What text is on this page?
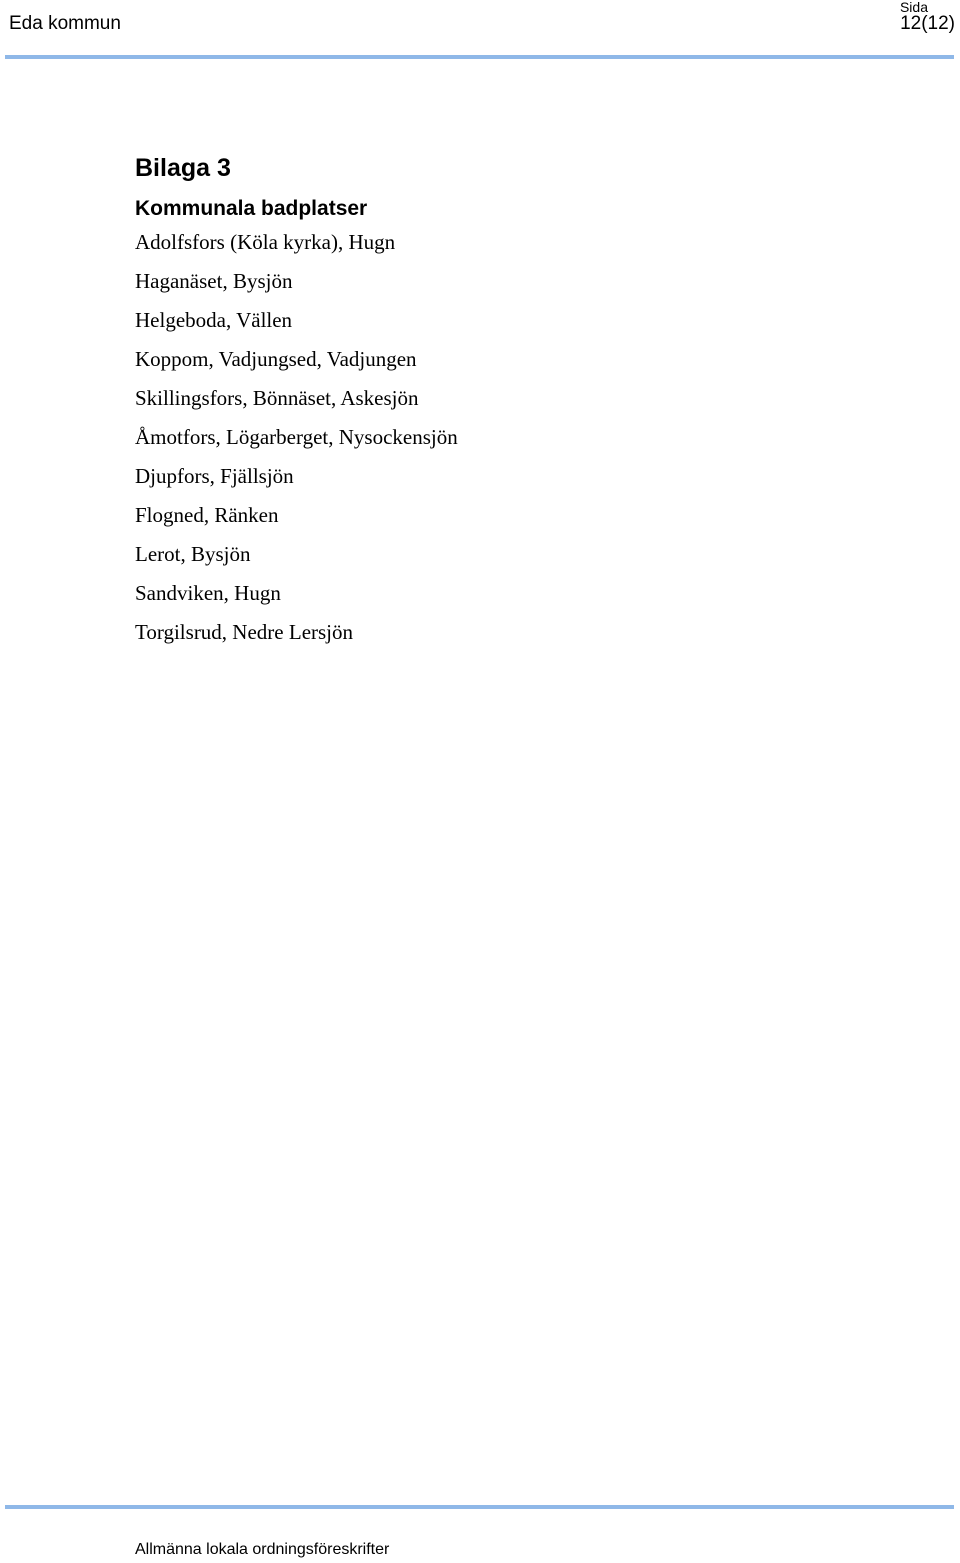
Eda kommun
Sida
12(12)
Bilaga 3
Kommunala badplatser
Adolfsfors (Köla kyrka), Hugn
Haganäset, Bysjön
Helgeboda, Vällen
Koppom, Vadjungsed, Vadjungen
Skillingsfors, Bönnäset, Askesjön
Åmotfors, Lögarberget, Nysockensjön
Djupfors, Fjällsjön
Flogned, Ränken
Lerot, Bysjön
Sandviken, Hugn
Torgilsrud, Nedre Lersjön
Allmänna lokala ordningsföreskrifter
